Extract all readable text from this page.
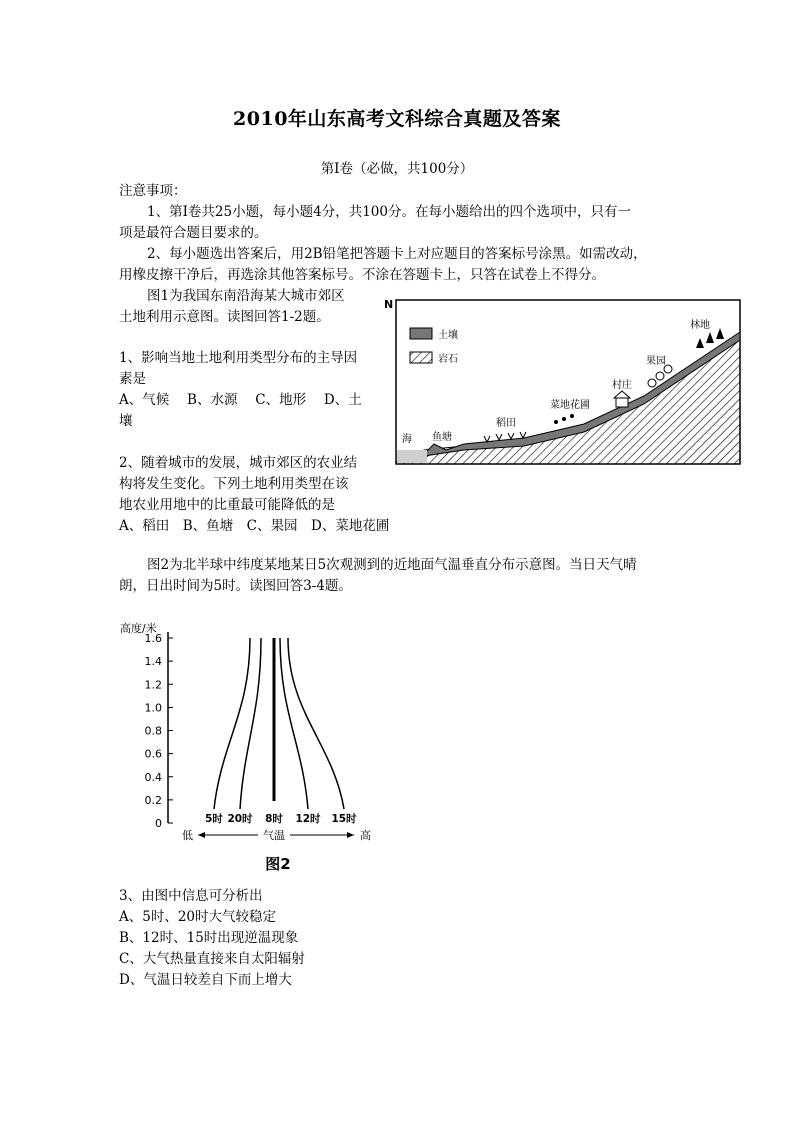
2010年山东高考文科综合真题及答案
第Ⅰ卷（必做，共100分）
注意事项：
1、第Ⅰ卷共25小题，每小题4分，共100分。在每小题给出的四个选项中，只有一
项是最符合题目要求的。
2、每小题选出答案后，用2B铅笔把答题卡上对应题目的答案标号涂黑。如需改动，
用橡皮擦干净后，再选涂其他答案标号。不涂在答题卡上，只答在试卷上不得分。
图1为我国东南沿海某大城市郊区
土地利用示意图。读图回答1-2题。
1、影响当地土地利用类型分布的主导因
素是
A、气候　 B、水源　 C、地形　 D、土
壤
2、随着城市的发展，城市郊区的农业结
构将发生变化。下列土地利用类型在该
地农业用地中的比重最可能降低的是
A、稻田　B、鱼塘　C、果园　D、菜地花圃
N
土壤
岩石
海 鱼塘
稻田
菜地花圃
村庄
果园
林地
图2为北半球中纬度某地某日5次观测到的近地面气温垂直分布示意图。当日天气晴
朗，日出时间为5时。读图回答3-4题。
高度/米
0
0.2
0.4
0.6
0.8
1.0
1.2
1.4
1.6
低	气温	高
5时 20时 8时 12时 15时
图2
3、由图中信息可分析出
A、5时、20时大气较稳定
B、12时、15时出现逆温现象
C、大气热量直接来自太阳辐射
D、气温日较差自下而上增大
